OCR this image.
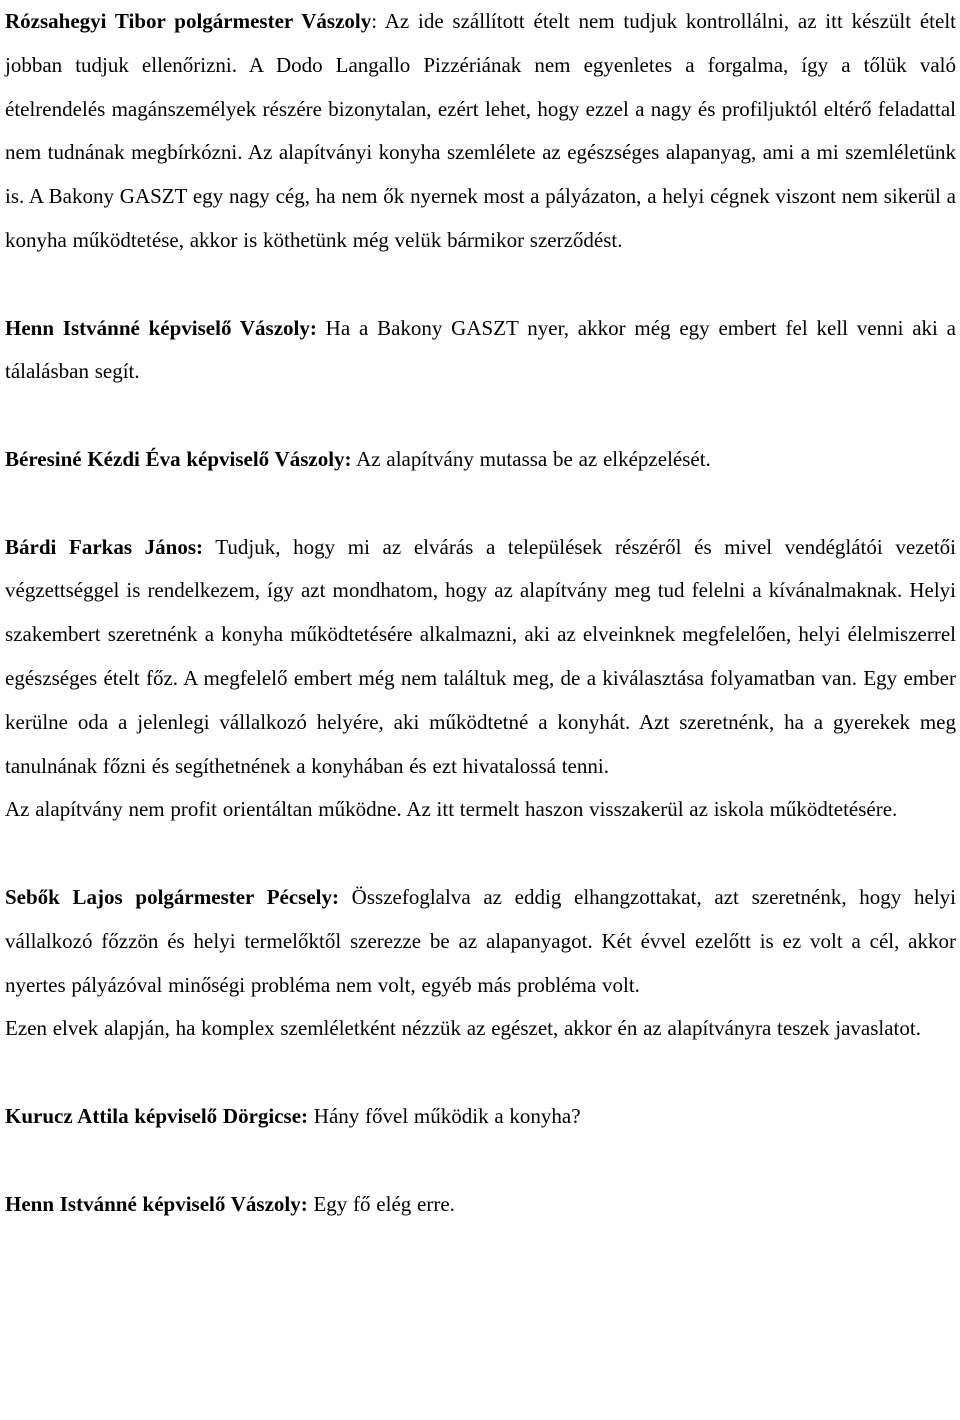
Rózsahegyi Tibor polgármester Vászoly: Az ide szállított ételt nem tudjuk kontrollálni, az itt készült ételt jobban tudjuk ellenőrizni. A Dodo Langallo Pizzériának nem egyenletes a forgalma, így a tőlük való ételrendelés magánszemélyek részére bizonytalan, ezért lehet, hogy ezzel a nagy és profiljuktól eltérő feladattal nem tudnának megbírkózni. Az alapítványi konyha szemlélete az egészséges alapanyag, ami a mi szemléletünk is. A Bakony GASZT egy nagy cég, ha nem ők nyernek most a pályázaton, a helyi cégnek viszont nem sikerül a konyha működtetése, akkor is köthetünk még velük bármikor szerződést.

Henn Istvánné képviselő Vászoly: Ha a Bakony GASZT nyer, akkor még egy embert fel kell venni aki a tálalásban segít.

Béresiné Kézdi Éva képviselő Vászoly: Az alapítvány mutassa be az elképzelését.

Bárdi Farkas János: Tudjuk, hogy mi az elvárás a települések részéről és mivel vendéglátói vezetői végzettséggel is rendelkezem, így azt mondhatom, hogy az alapítvány meg tud felelni a kívánalmaknak. Helyi szakembert szeretnénk a konyha működtetésére alkalmazni, aki az elveinknek megfelelően, helyi élelmiszerrel egészséges ételt főz. A megfelelő embert még nem találtuk meg, de a kiválasztása folyamatban van. Egy ember kerülne oda a jelenlegi vállalkozó helyére, aki működtetné a konyhát. Azt szeretnénk, ha a gyerekek meg tanulnának főzni és segíthetnének a konyhában és ezt hivatalossá tenni.

Az alapítvány nem profit orientáltan működne. Az itt termelt haszon visszakerül az iskola működtetésére.

Sebők Lajos polgármester Pécsely: Összefoglalva az eddig elhangzottakat, azt szeretnénk, hogy helyi vállalkozó főzzön és helyi termelőktől szerezze be az alapanyagot. Két évvel ezelőtt is ez volt a cél, akkor nyertes pályázóval minőségi probléma nem volt, egyéb más probléma volt.

Ezen elvek alapján, ha komplex szemléletként nézzük az egészet, akkor én az alapítványra teszek javaslatot.

Kurucz Attila képviselő Dörgicse: Hány fővel működik a konyha?

Henn Istvánné képviselő Vászoly: Egy fő elég erre.
